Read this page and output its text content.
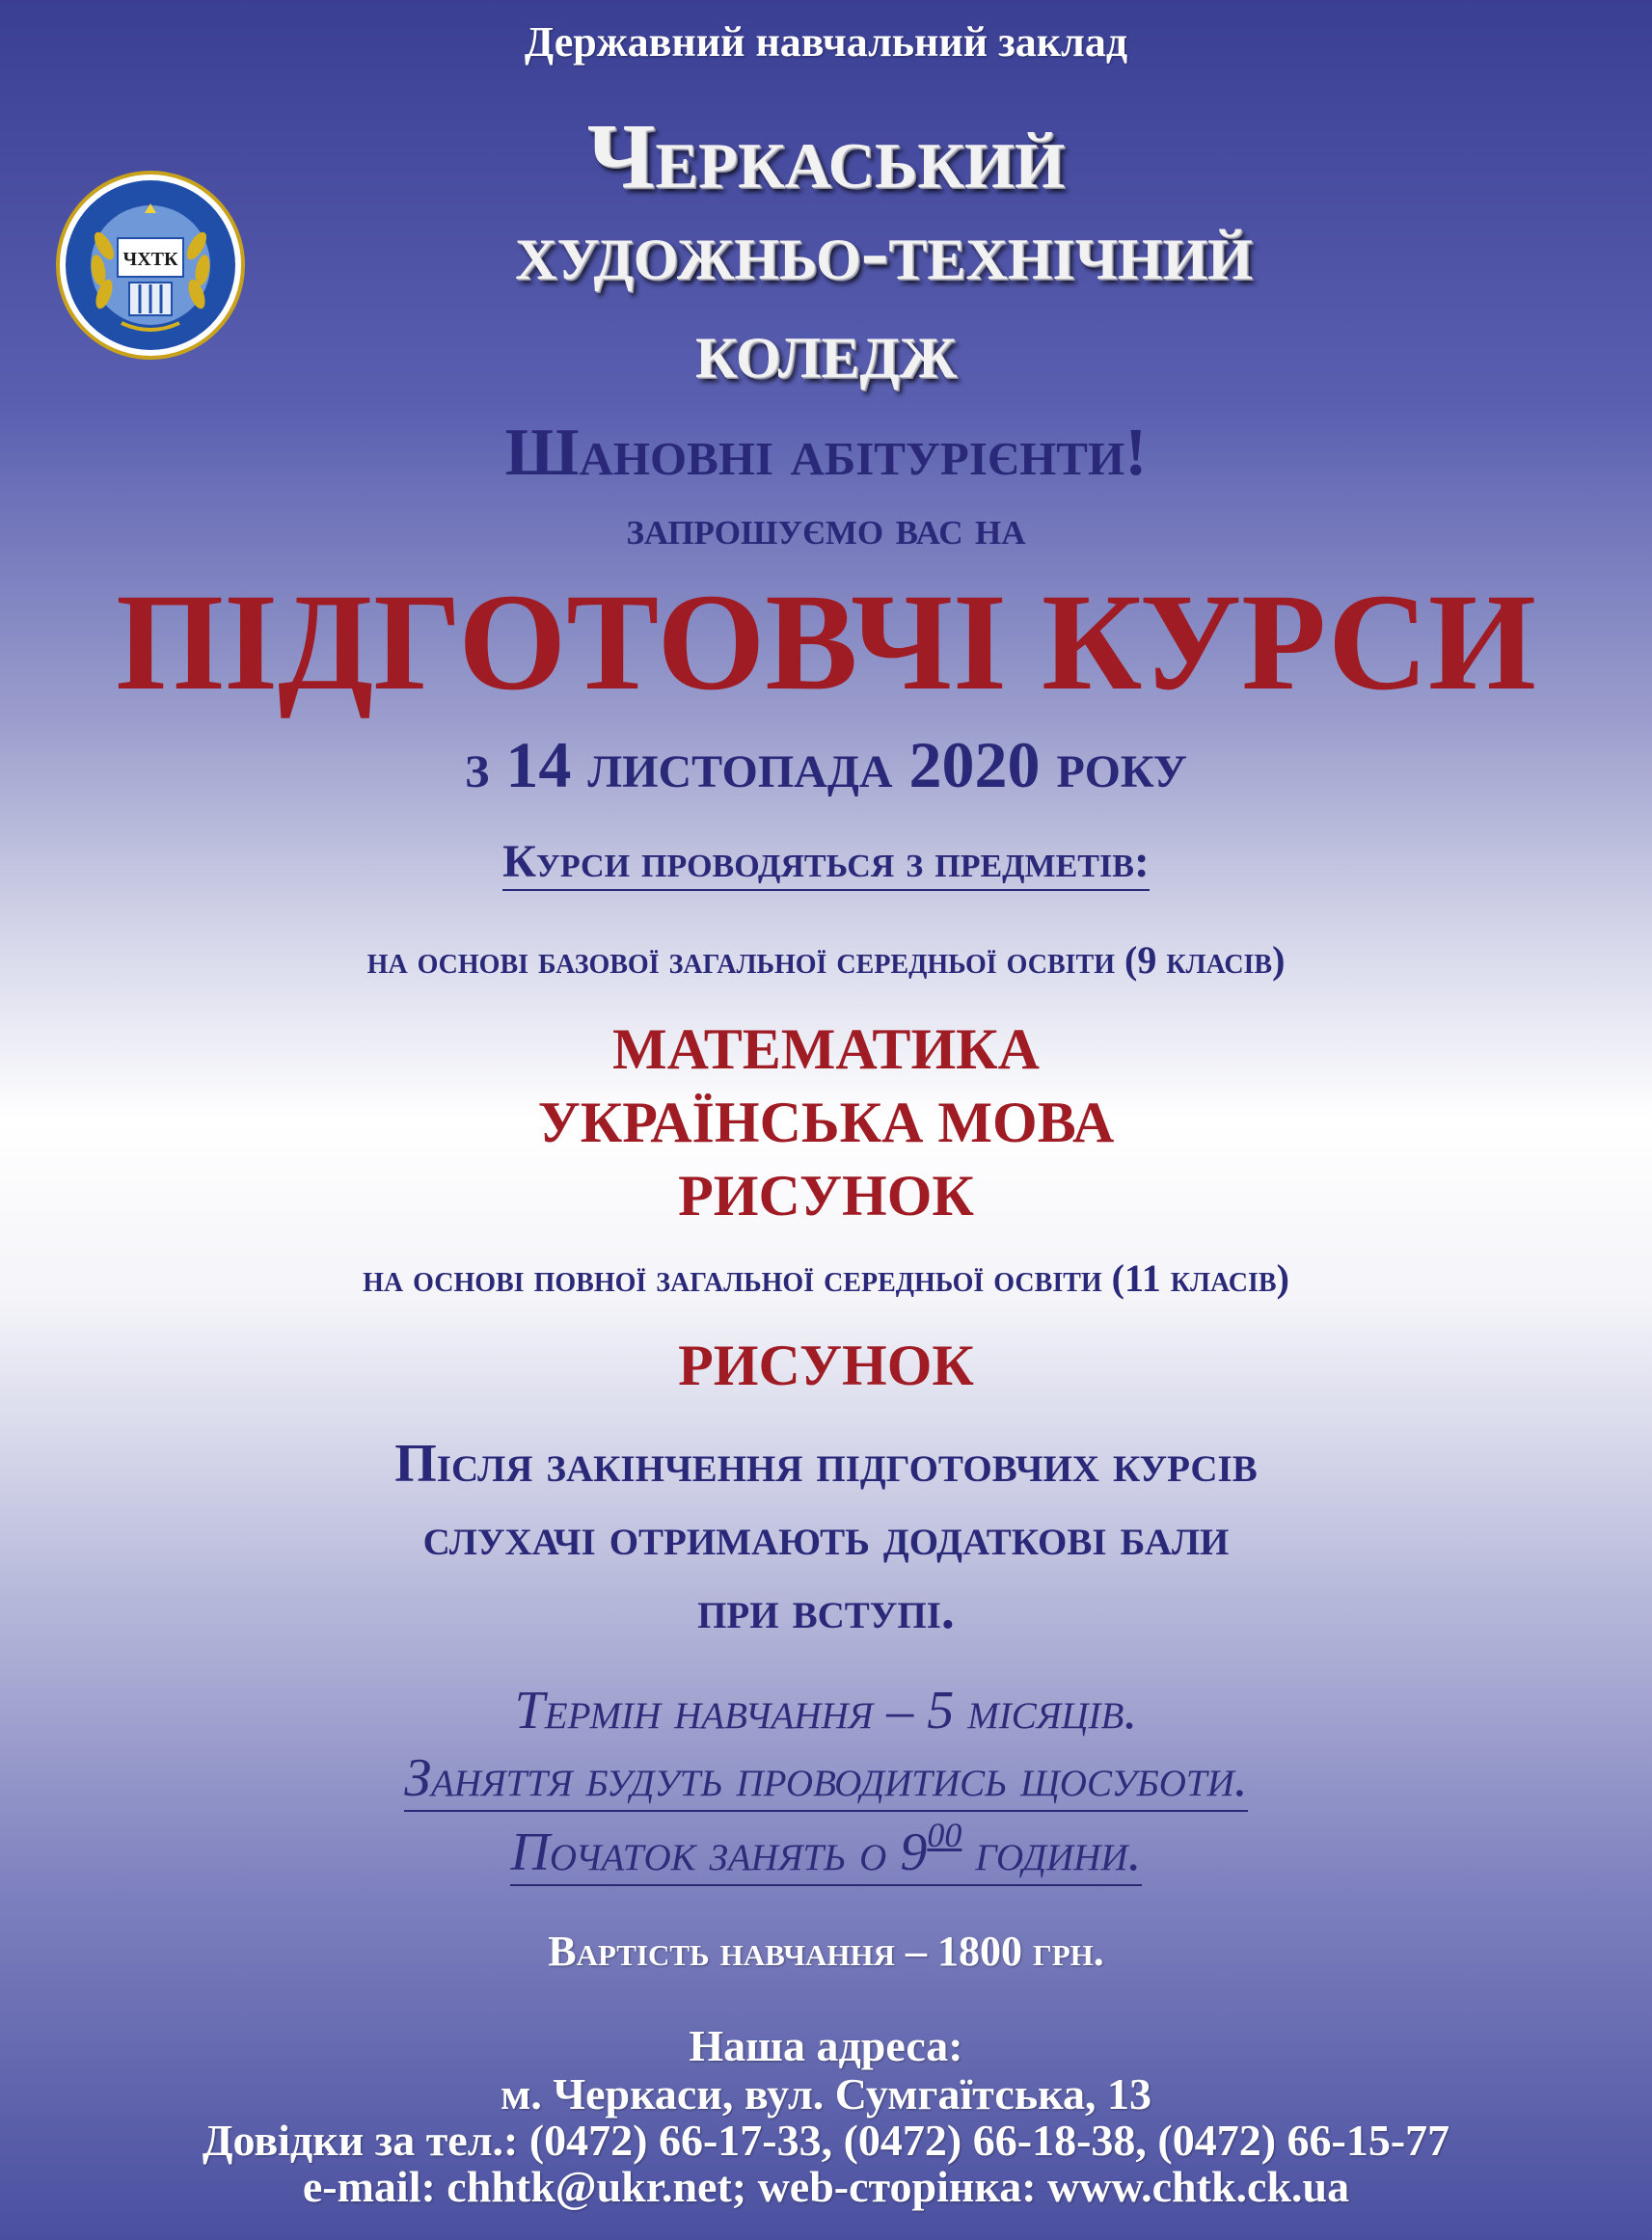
ЧХТК
Державний навчальний заклад
Черкаський
художньо-технічний
коледж
Шановні абітурієнти!
запрошуємо вас на
ПІДГОТОВЧІ КУРСИ
з 14 листопада 2020 року
Курси проводяться з предметів:
на основі базової загальної середньої освіти (9 класів)
МАТЕМАТИКА
УКРАЇНСЬКА МОВА
РИСУНОК
на основі повної загальної середньої освіти (11 класів)
РИСУНОК
Після закінчення підготовчих курсів
слухачі отримають додаткові бали
при вступі.
Термін навчання – 5 місяців.
Заняття будуть проводитись щосуботи.
Початок занять о $9^{00}$ години.
Вартість навчання – 1800 грн.
Наша адреса:
м. Черкаси, вул. Сумгаїтська, 13
Довідки за тел.: (0472) 66-17-33, (0472) 66-18-38, (0472) 66-15-77
e-mail: chhtk@ukr.net; web-сторінка: www.chtk.ck.ua
